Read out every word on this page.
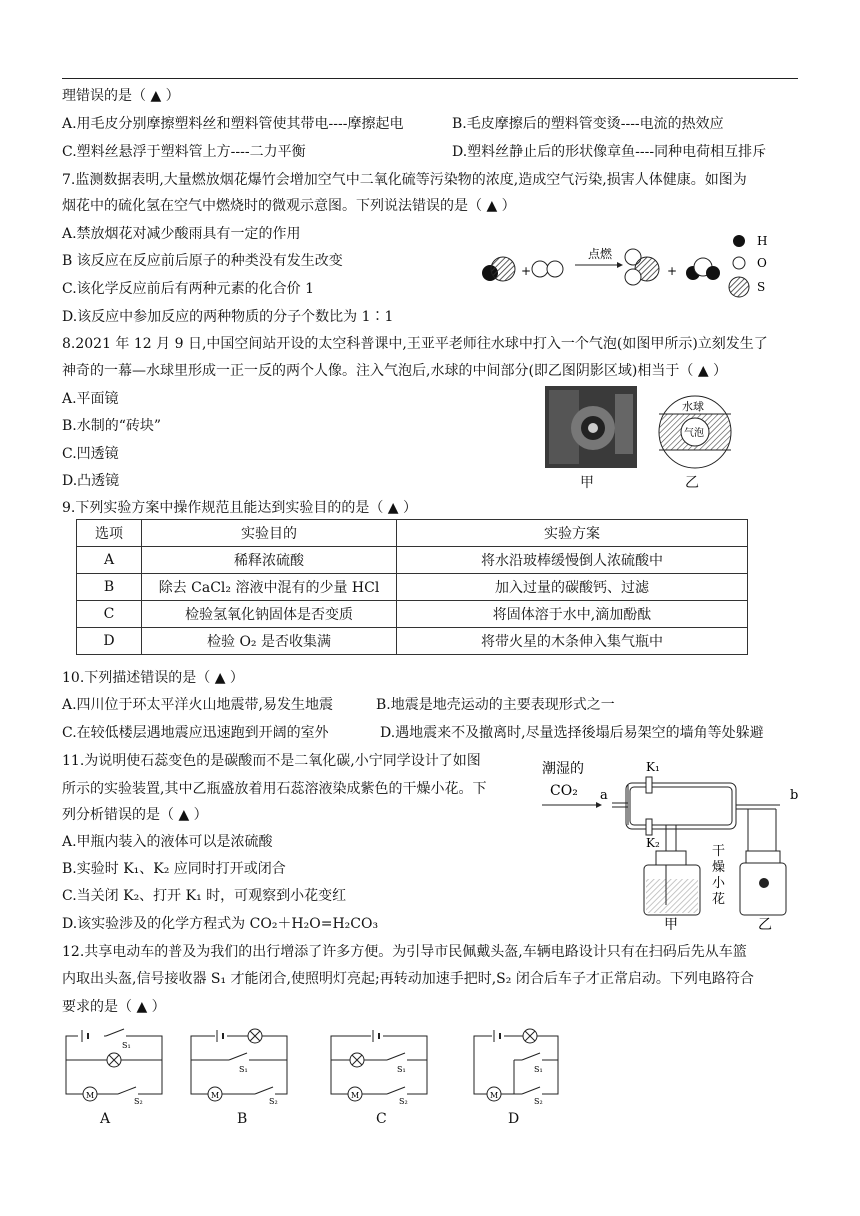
理错误的是（ ▲ ）
A.用毛皮分别摩擦塑料丝和塑料管使其带电----摩擦起电	B.毛皮摩擦后的塑料管变烫----电流的热效应
C.塑料丝悬浮于塑料管上方----二力平衡	D.塑料丝静止后的形状像章鱼----同种电荷相互排斥
7.监测数据表明,大量燃放烟花爆竹会增加空气中二氧化硫等污染物的浓度,造成空气污染,损害人体健康。如图为
烟花中的硫化氢在空气中燃烧时的微观示意图。下列说法错误的是（ ▲ ）
A.禁放烟花对减少酸雨具有一定的作用
B 该反应在反应前后原子的种类没有发生改变
C.该化学反应前后有两种元素的化合价 1
D.该反应中参加反应的两种物质的分子个数比为 1∶1
+
点燃
+
H
O
S
8.2021 年 12 月 9 日,中国空间站开设的太空科普课中,王亚平老师往水球中打入一个气泡(如图甲所示)立刻发生了
神奇的一幕—水球里形成一正一反的两个人像。注入气泡后,水球的中间部分(即乙图阴影区域)相当于（ ▲ ）
A.平面镜
B.水制的“砖块”
C.凹透镜
D.凸透镜
水球
气泡
甲	乙
9.下列实验方案中操作规范且能达到实验目的的是（ ▲ ）
选项	实验目的	实验方案
A	稀释浓硫酸	将水沿玻棒缓慢倒人浓硫酸中
B	除去 CaCl₂ 溶液中混有的少量 HCl	加入过量的碳酸钙、过滤
C	检验氢氧化钠固体是否变质	将固体溶于水中,滴加酚酞
D	检验 O₂ 是否收集满	将带火星的木条伸入集气瓶中
10.下列描述错误的是（ ▲ ）
A.四川位于环太平洋火山地震带,易发生地震	B.地震是地壳运动的主要表现形式之一
C.在较低楼层遇地震应迅速跑到开阔的室外	D.遇地震来不及撤离时,尽量选择後塌后易架空的墙角等处躲避
11.为说明使石蕊变色的是碳酸而不是二氧化碳,小宁同学设计了如图
所示的实验装置,其中乙瓶盛放着用石蕊溶液染成紫色的干燥小花。下
列分析错误的是（ ▲ ）
A.甲瓶内装入的液体可以是浓硫酸
B.实验时 K₁、K₂ 应同时打开或闭合
C.当关闭 K₂、打开 K₁ 时，可观察到小花变红
D.该实验涉及的化学方程式为 CO₂＋H₂O=H₂CO₃
潮湿的
CO₂ a
K₁
K₂
b
干
燥
小
花
甲	乙
12.共享电动车的普及为我们的出行增添了许多方便。为引导市民佩戴头盔,车辆电路设计只有在扫码后先从车篮
内取出头盔,信号接收器 S₁ 才能闭合,使照明灯亮起;再转动加速手把时,S₂ 闭合后车子才正常启动。下列电路符合
要求的是（ ▲ ）
S₁
M
S₂
S₁
M
S₂
S₁
M
S₂
S₁
M
S₂
A	B	C	D
